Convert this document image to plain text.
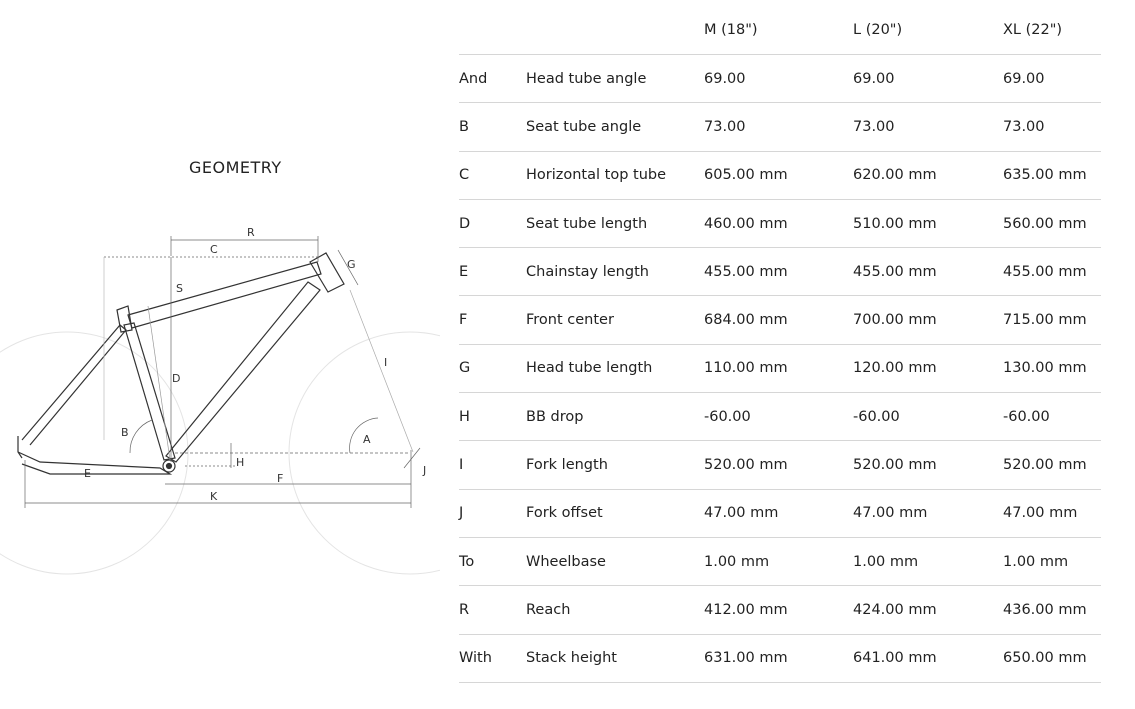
GEOMETRY
R
C
S
G
D
I
B
A
H
J
E	F
K
		M (18")	L (20")	XL (22")
And	Head tube angle	69.00	69.00	69.00
B	Seat tube angle	73.00	73.00	73.00
C	Horizontal top tube	605.00 mm	620.00 mm	635.00 mm
D	Seat tube length	460.00 mm	510.00 mm	560.00 mm
E	Chainstay length	455.00 mm	455.00 mm	455.00 mm
F	Front center	684.00 mm	700.00 mm	715.00 mm
G	Head tube length	110.00 mm	120.00 mm	130.00 mm
H	BB drop	-60.00	-60.00	-60.00
I	Fork length	520.00 mm	520.00 mm	520.00 mm
J	Fork offset	47.00 mm	47.00 mm	47.00 mm
To	Wheelbase	1.00 mm	1.00 mm	1.00 mm
R	Reach	412.00 mm	424.00 mm	436.00 mm
With	Stack height	631.00 mm	641.00 mm	650.00 mm
